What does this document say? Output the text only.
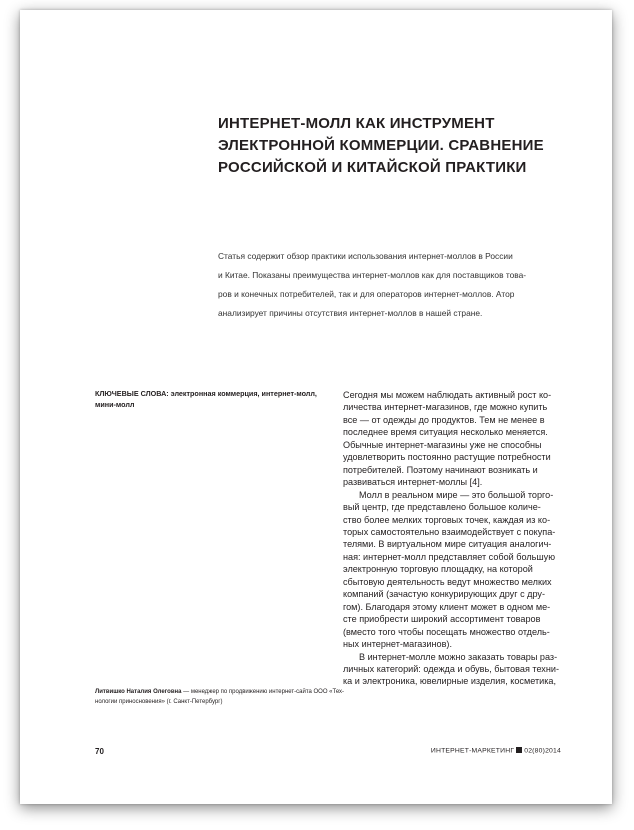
ИНТЕРНЕТ-МОЛЛ КАК ИНСТРУМЕНТ
ЭЛЕКТРОННОЙ КОММЕРЦИИ. СРАВНЕНИЕ
РОССИЙСКОЙ И КИТАЙСКОЙ ПРАКТИКИ
Статья содержит обзор практики использования интернет-моллов в России
и Китае. Показаны преимущества интернет-моллов как для поставщиков това-
ров и конечных потребителей, так и для операторов интернет-моллов. Атор
анализирует причины отсутствия интернет-моллов в нашей стране.
КЛЮЧЕВЫЕ СЛОВА: электронная коммерция, интернет-молл,
мини-молл
Литвишко Наталия Олеговна — менеджер по продвижению интернет-сайта ООО «Тех-
нологии приносновения» (г. Санкт-Петербург)
Сегодня мы можем наблюдать активный рост ко-
личества интернет-магазинов, где можно купить
все — от одежды до продуктов. Тем не менее в
последнее время ситуация несколько меняется.
Обычные интернет-магазины уже не способны
удовлетворить постоянно растущие потребности
потребителей. Поэтому начинают возникать и
развиваться интернет-моллы [4].
Молл в реальном мире — это большой торго-
вый центр, где представлено большое количе-
ство более мелких торговых точек, каждая из ко-
торых самостоятельно взаимодействует с покупа-
телями. В виртуальном мире ситуация аналогич-
ная: интернет-молл представляет собой большую
электронную торговую площадку, на которой
сбытовую деятельность ведут множество мелких
компаний (зачастую конкурирующих друг с дру-
гом). Благодаря этому клиент может в одном ме-
сте приобрести широкий ассортимент товаров
(вместо того чтобы посещать множество отдель-
ных интернет-магазинов).
В интернет-молле можно заказать товары раз-
личных категорий: одежда и обувь, бытовая техни-
ка и электроника, ювелирные изделия, косметика,
70	ИНТЕРНЕТ-МАРКЕТИНГ 02(80)2014
